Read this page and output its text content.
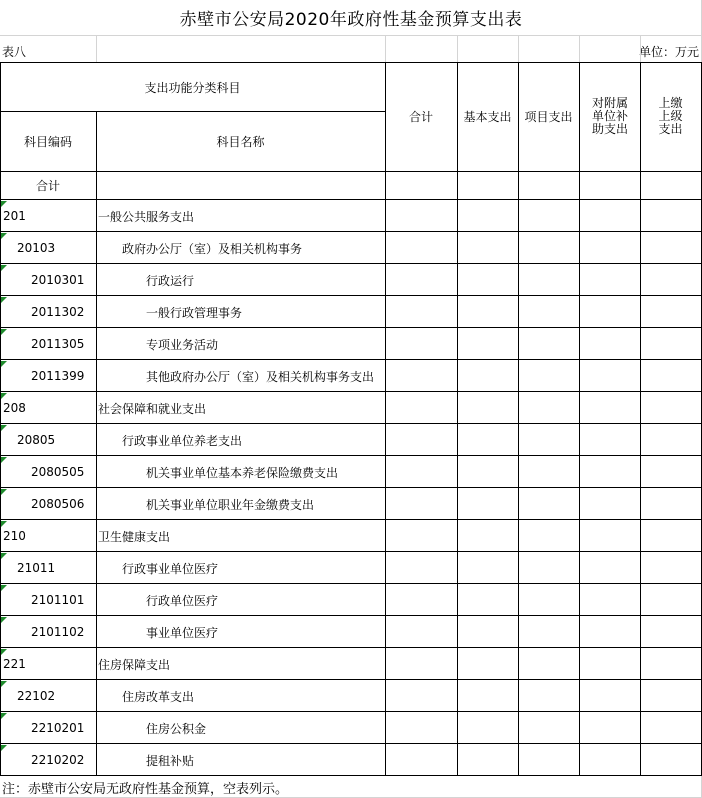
赤壁市公安局2020年政府性基金预算支出表
表八	单位：万元
支出功能分类科目
科目编码	科目名称
合计	基本支出	项目支出
对附属单位补助支出
上缴上级支出
合计
201	一般公共服务支出
20103	政府办公厅（室）及相关机构事务
2010301	行政运行
2011302	一般行政管理事务
2011305	专项业务活动
2011399	其他政府办公厅（室）及相关机构事务支出
208	社会保障和就业支出
20805	行政事业单位养老支出
2080505	机关事业单位基本养老保险缴费支出
2080506	机关事业单位职业年金缴费支出
210	卫生健康支出
21011	行政事业单位医疗
2101101	行政单位医疗
2101102	事业单位医疗
221	住房保障支出
22102	住房改革支出
2210201	住房公积金
2210202	提租补贴
注：赤壁市公安局无政府性基金预算，空表列示。
